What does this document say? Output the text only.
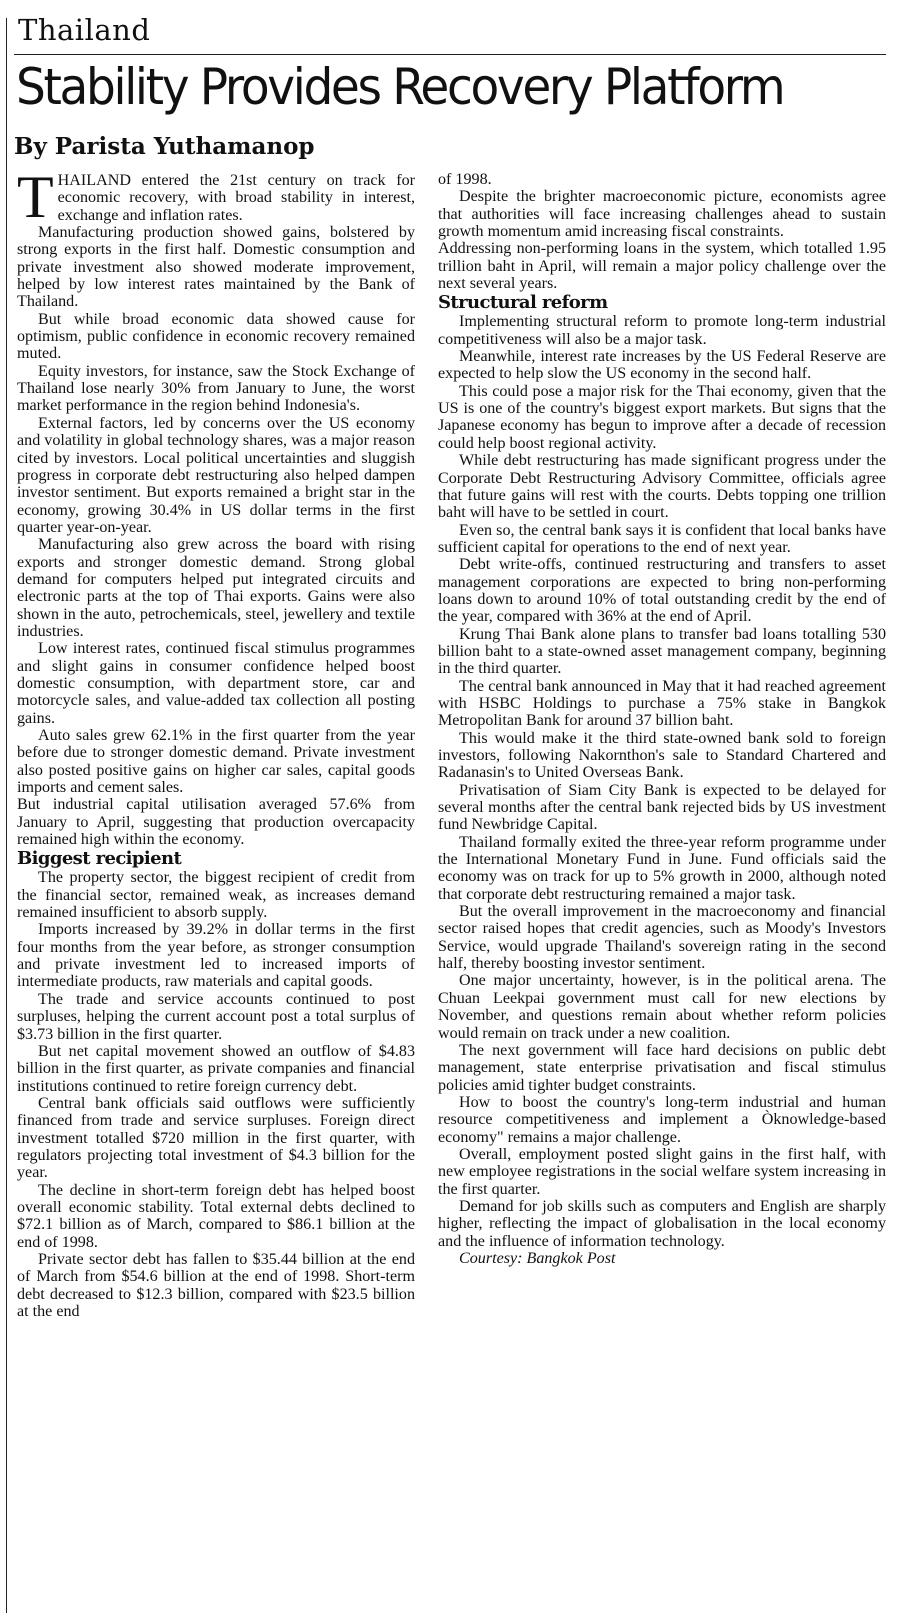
Thailand
Stability Provides Recovery Platform
By Parista Yuthamanop

THAILAND entered the 21st century on track for economic recovery, with broad stability in interest, exchange and inflation rates.

Manufacturing production showed gains, bolstered by strong exports in the first half. Domestic consumption and private investment also showed moderate improvement, helped by low interest rates maintained by the Bank of Thailand.

But while broad economic data showed cause for optimism, public confidence in economic recovery remained muted.

Equity investors, for instance, saw the Stock Exchange of Thailand lose nearly 30% from January to June, the worst market performance in the region behind Indonesia's.

External factors, led by concerns over the US economy and volatility in global technology shares, was a major reason cited by investors. Local political uncertainties and sluggish progress in corporate debt restructuring also helped dampen investor sentiment. But exports remained a bright star in the economy, growing 30.4% in US dollar terms in the first quarter year-on-year.

Manufacturing also grew across the board with rising exports and stronger domestic demand. Strong global demand for computers helped put integrated circuits and electronic parts at the top of Thai exports. Gains were also shown in the auto, petrochemicals, steel, jewellery and textile industries.

Low interest rates, continued fiscal stimulus programmes and slight gains in consumer confidence helped boost domestic consumption, with department store, car and motorcycle sales, and value-added tax collection all posting gains.

Auto sales grew 62.1% in the first quarter from the year before due to stronger domestic demand. Private investment also posted positive gains on higher car sales, capital goods imports and cement sales.

But industrial capital utilisation averaged 57.6% from January to April, suggesting that production overcapacity remained high within the economy.

Biggest recipient

The property sector, the biggest recipient of credit from the financial sector, remained weak, as increases demand remained insufficient to absorb supply.

Imports increased by 39.2% in dollar terms in the first four months from the year before, as stronger consumption and private investment led to increased imports of intermediate products, raw materials and capital goods.

The trade and service accounts continued to post surpluses, helping the current account post a total surplus of $3.73 billion in the first quarter.

But net capital movement showed an outflow of $4.83 billion in the first quarter, as private companies and financial institutions continued to retire foreign currency debt.

Central bank officials said outflows were sufficiently financed from trade and service surpluses. Foreign direct investment totalled $720 million in the first quarter, with regulators projecting total investment of $4.3 billion for the year.

The decline in short-term foreign debt has helped boost overall economic stability. Total external debts declined to $72.1 billion as of March, compared to $86.1 billion at the end of 1998.

Private sector debt has fallen to $35.44 billion at the end of March from $54.6 billion at the end of 1998. Short-term debt decreased to $12.3 billion, compared with $23.5 billion at the end

of 1998.

Despite the brighter macroeconomic picture, economists agree that authorities will face increasing challenges ahead to sustain growth momentum amid increasing fiscal constraints.

Addressing non-performing loans in the system, which totalled 1.95 trillion baht in April, will remain a major policy challenge over the next several years.

Structural reform

Implementing structural reform to promote long-term industrial competitiveness will also be a major task.

Meanwhile, interest rate increases by the US Federal Reserve are expected to help slow the US economy in the second half.

This could pose a major risk for the Thai economy, given that the US is one of the country's biggest export markets. But signs that the Japanese economy has begun to improve after a decade of recession could help boost regional activity.

While debt restructuring has made significant progress under the Corporate Debt Restructuring Advisory Committee, officials agree that future gains will rest with the courts. Debts topping one trillion baht will have to be settled in court.

Even so, the central bank says it is confident that local banks have sufficient capital for operations to the end of next year.

Debt write-offs, continued restructuring and transfers to asset management corporations are expected to bring non-performing loans down to around 10% of total outstanding credit by the end of the year, compared with 36% at the end of April.

Krung Thai Bank alone plans to transfer bad loans totalling 530 billion baht to a state-owned asset management company, beginning in the third quarter.

The central bank announced in May that it had reached agreement with HSBC Holdings to purchase a 75% stake in Bangkok Metropolitan Bank for around 37 billion baht.

This would make it the third state-owned bank sold to foreign investors, following Nakornthon's sale to Standard Chartered and Radanasin's to United Overseas Bank.

Privatisation of Siam City Bank is expected to be delayed for several months after the central bank rejected bids by US investment fund Newbridge Capital.

Thailand formally exited the three-year reform programme under the International Monetary Fund in June. Fund officials said the economy was on track for up to 5% growth in 2000, although noted that corporate debt restructuring remained a major task.

But the overall improvement in the macroeconomy and financial sector raised hopes that credit agencies, such as Moody's Investors Service, would upgrade Thailand's sovereign rating in the second half, thereby boosting investor sentiment.

One major uncertainty, however, is in the political arena. The Chuan Leekpai government must call for new elections by November, and questions remain about whether reform policies would remain on track under a new coalition.

The next government will face hard decisions on public debt management, state enterprise privatisation and fiscal stimulus policies amid tighter budget constraints.

How to boost the country's long-term industrial and human resource competitiveness and implement a Òknowledge-based economy" remains a major challenge.

Overall, employment posted slight gains in the first half, with new employee registrations in the social welfare system increasing in the first quarter.

Demand for job skills such as computers and English are sharply higher, reflecting the impact of globalisation in the local economy and the influence of information technology.

Courtesy: Bangkok Post
